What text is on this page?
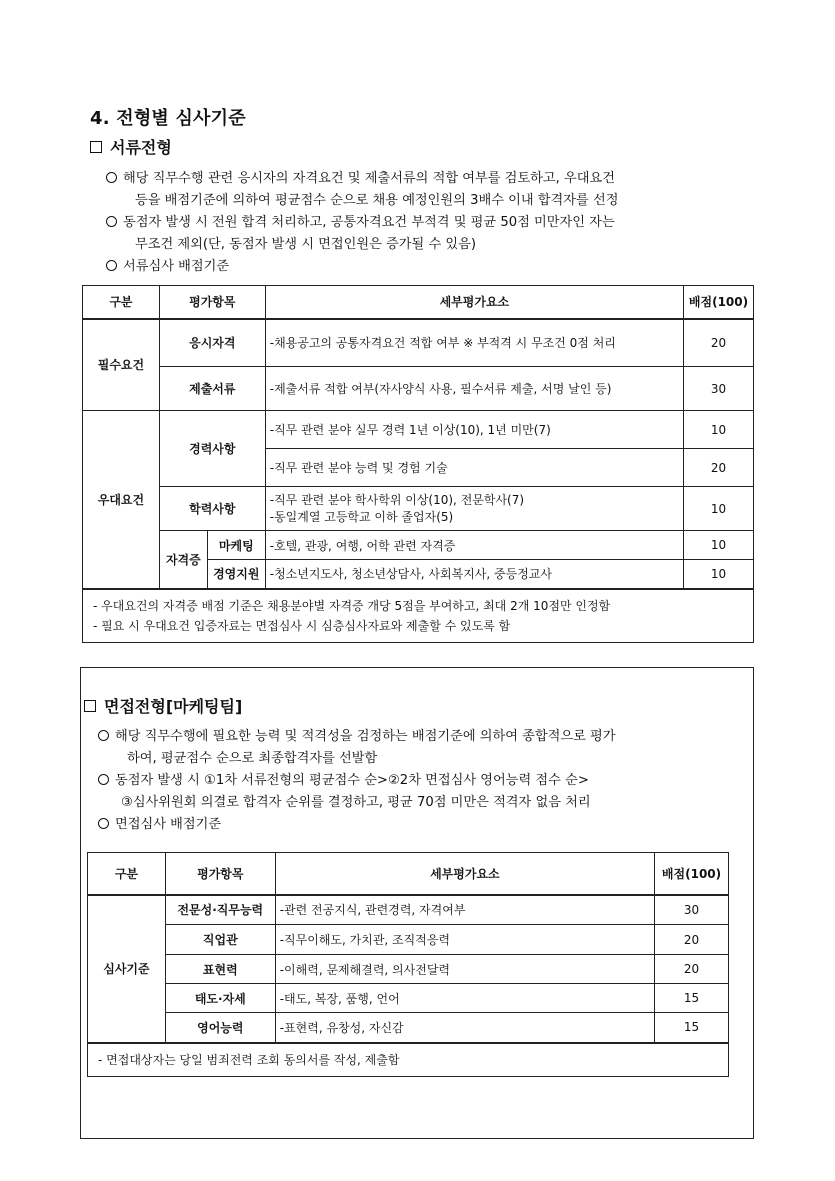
4. 전형별 심사기준
서류전형
해당 직무수행 관련 응시자의 자격요건 및 제출서류의 적합 여부를 검토하고, 우대요건
등을 배점기준에 의하여 평균점수 순으로 채용 예정인원의 3배수 이내 합격자를 선정
동점자 발생 시 전원 합격 처리하고, 공통자격요건 부적격 및 평균 50점 미만자인 자는
무조건 제외(단, 동점자 발생 시 면접인원은 증가될 수 있음)
서류심사 배점기준
구분	평가항목		세부평가요소	배점(100)
필수요건	응시자격		-채용공고의 공통자격요건 적합 여부 ※ 부적격 시 무조건 0점 처리	20
	제출서류		-제출서류 적합 여부(자사양식 사용, 필수서류 제출, 서명 날인 등)	30
우대요건	경력사항		-직무 관련 분야 실무 경력 1년 이상(10), 1년 미만(7)	10
			-직무 관련 분야 능력 및 경험 기술	20
	학력사항		-직무 관련 분야 학사학위 이상(10), 전문학사(7)
-동일계열 고등학교 이하 졸업자(5)	10
	자격증	마케팅	-호텔, 관광, 여행, 어학 관련 자격증	10
		경영지원	-청소년지도사, 청소년상담사, 사회복지사, 중등정교사	10

- 우대요건의 자격증 배점 기준은 채용분야별 자격증 개당 5점을 부여하고, 최대 2개 10점만 인정함
- 필요 시 우대요건 입증자료는 면접심사 시 심층심사자료와 제출할 수 있도록 함				
면접전형[마케팅팀]
해당 직무수행에 필요한 능력 및 적격성을 검정하는 배점기준에 의하여 종합적으로 평가
하여, 평균점수 순으로 최종합격자를 선발함
동점자 발생 시 ①1차 서류전형의 평균점수 순>②2차 면접심사 영어능력 점수 순>
③심사위원회 의결로 합격자 순위를 결정하고, 평균 70점 미만은 적격자 없음 처리
면접심사 배점기준
구분	평가항목	세부평가요소	배점(100)
심사기준	전문성·직무능력	-관련 전공지식, 관련경력, 자격여부	30
	직업관	-직무이해도, 가치관, 조직적응력	20
	표현력	-이해력, 문제해결력, 의사전달력	20
	태도·자세	-태도, 복장, 품행, 언어	15
	영어능력	-표현력, 유창성, 자신감	15
- 면접대상자는 당일 범죄전력 조회 동의서를 작성, 제출함			
